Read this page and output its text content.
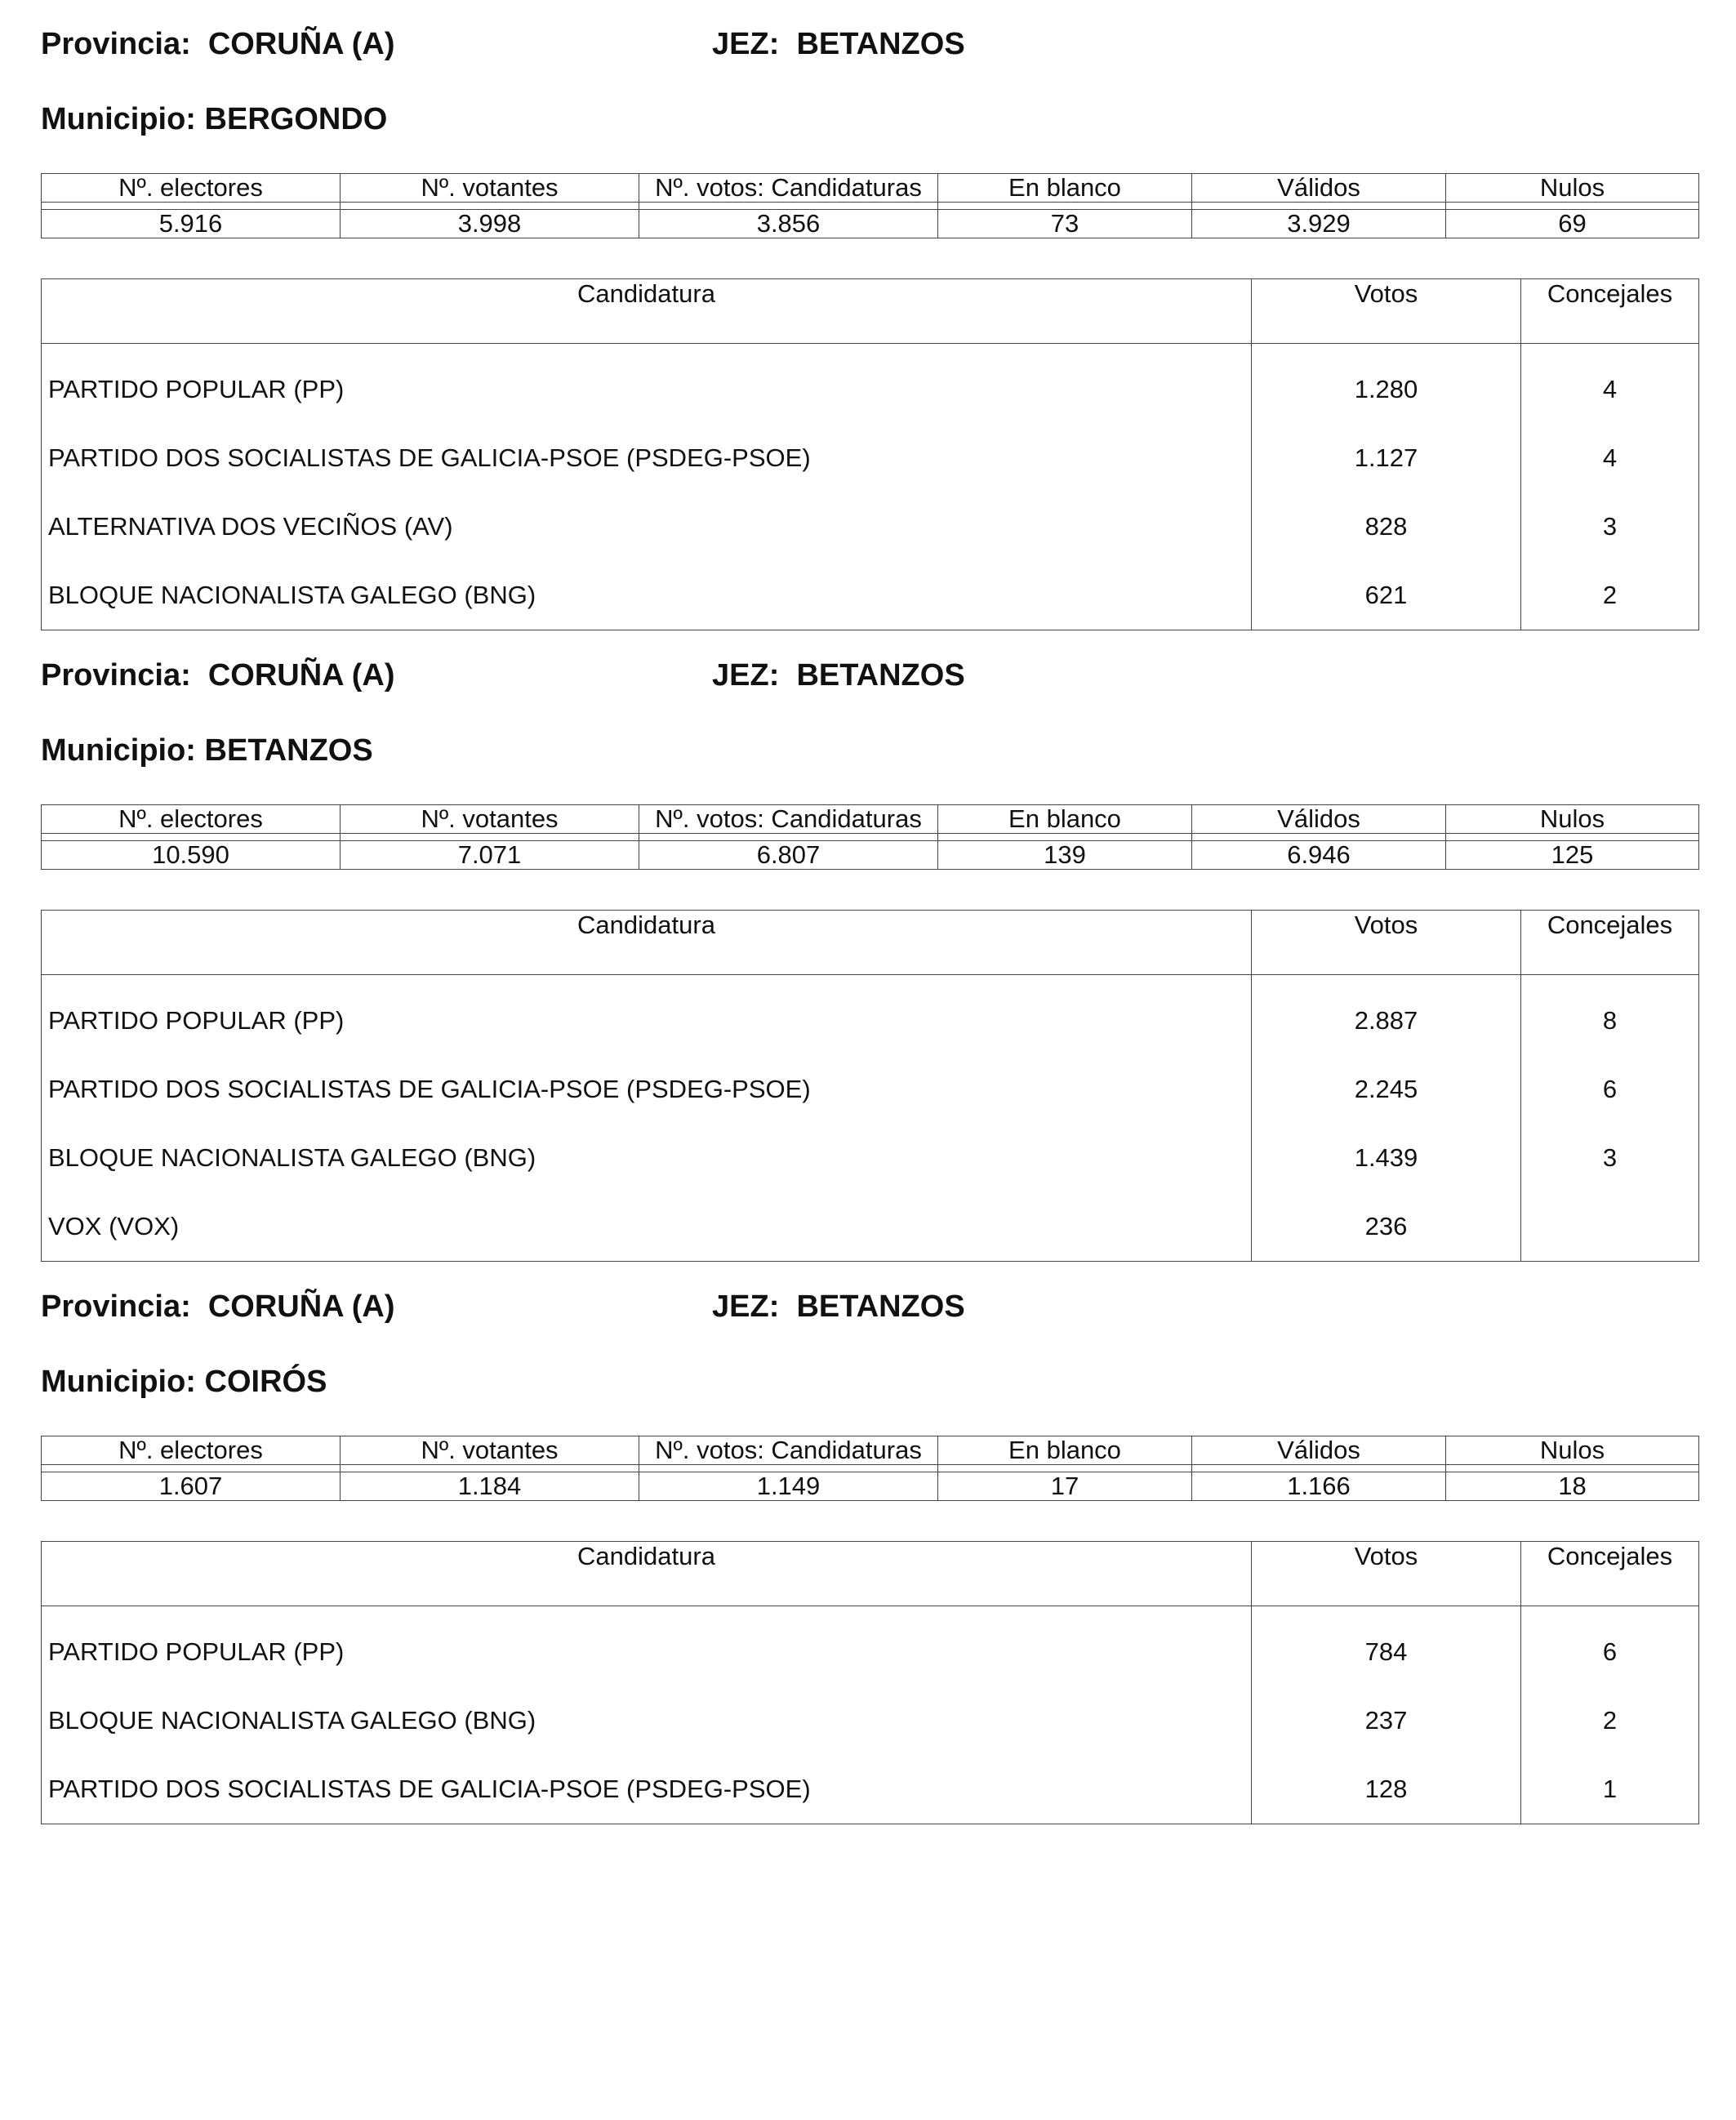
Provincia: CORUÑA (A)	JEZ: BETANZOS
Municipio: BERGONDO
Nº. electores	Nº. votantes	Nº. votos: Candidaturas	En blanco	Válidos	Nulos

5.916	3.998	3.856	73	3.929	69
Candidatura	Votos	Concejales
PARTIDO POPULAR (PP)	1.280	4
PARTIDO DOS SOCIALISTAS DE GALICIA-PSOE (PSDEG-PSOE)	1.127	4
ALTERNATIVA DOS VECIÑOS (AV)	828	3
BLOQUE NACIONALISTA GALEGO (BNG)	621	2
Provincia: CORUÑA (A)	JEZ: BETANZOS
Municipio: BETANZOS
Nº. electores	Nº. votantes	Nº. votos: Candidaturas	En blanco	Válidos	Nulos

10.590	7.071	6.807	139	6.946	125
Candidatura	Votos	Concejales
PARTIDO POPULAR (PP)	2.887	8
PARTIDO DOS SOCIALISTAS DE GALICIA-PSOE (PSDEG-PSOE)	2.245	6
BLOQUE NACIONALISTA GALEGO (BNG)	1.439	3
VOX (VOX)	236	
Provincia: CORUÑA (A)	JEZ: BETANZOS
Municipio: COIRÓS
Nº. electores	Nº. votantes	Nº. votos: Candidaturas	En blanco	Válidos	Nulos

1.607	1.184	1.149	17	1.166	18
Candidatura	Votos	Concejales
PARTIDO POPULAR (PP)	784	6
BLOQUE NACIONALISTA GALEGO (BNG)	237	2
PARTIDO DOS SOCIALISTAS DE GALICIA-PSOE (PSDEG-PSOE)	128	1
